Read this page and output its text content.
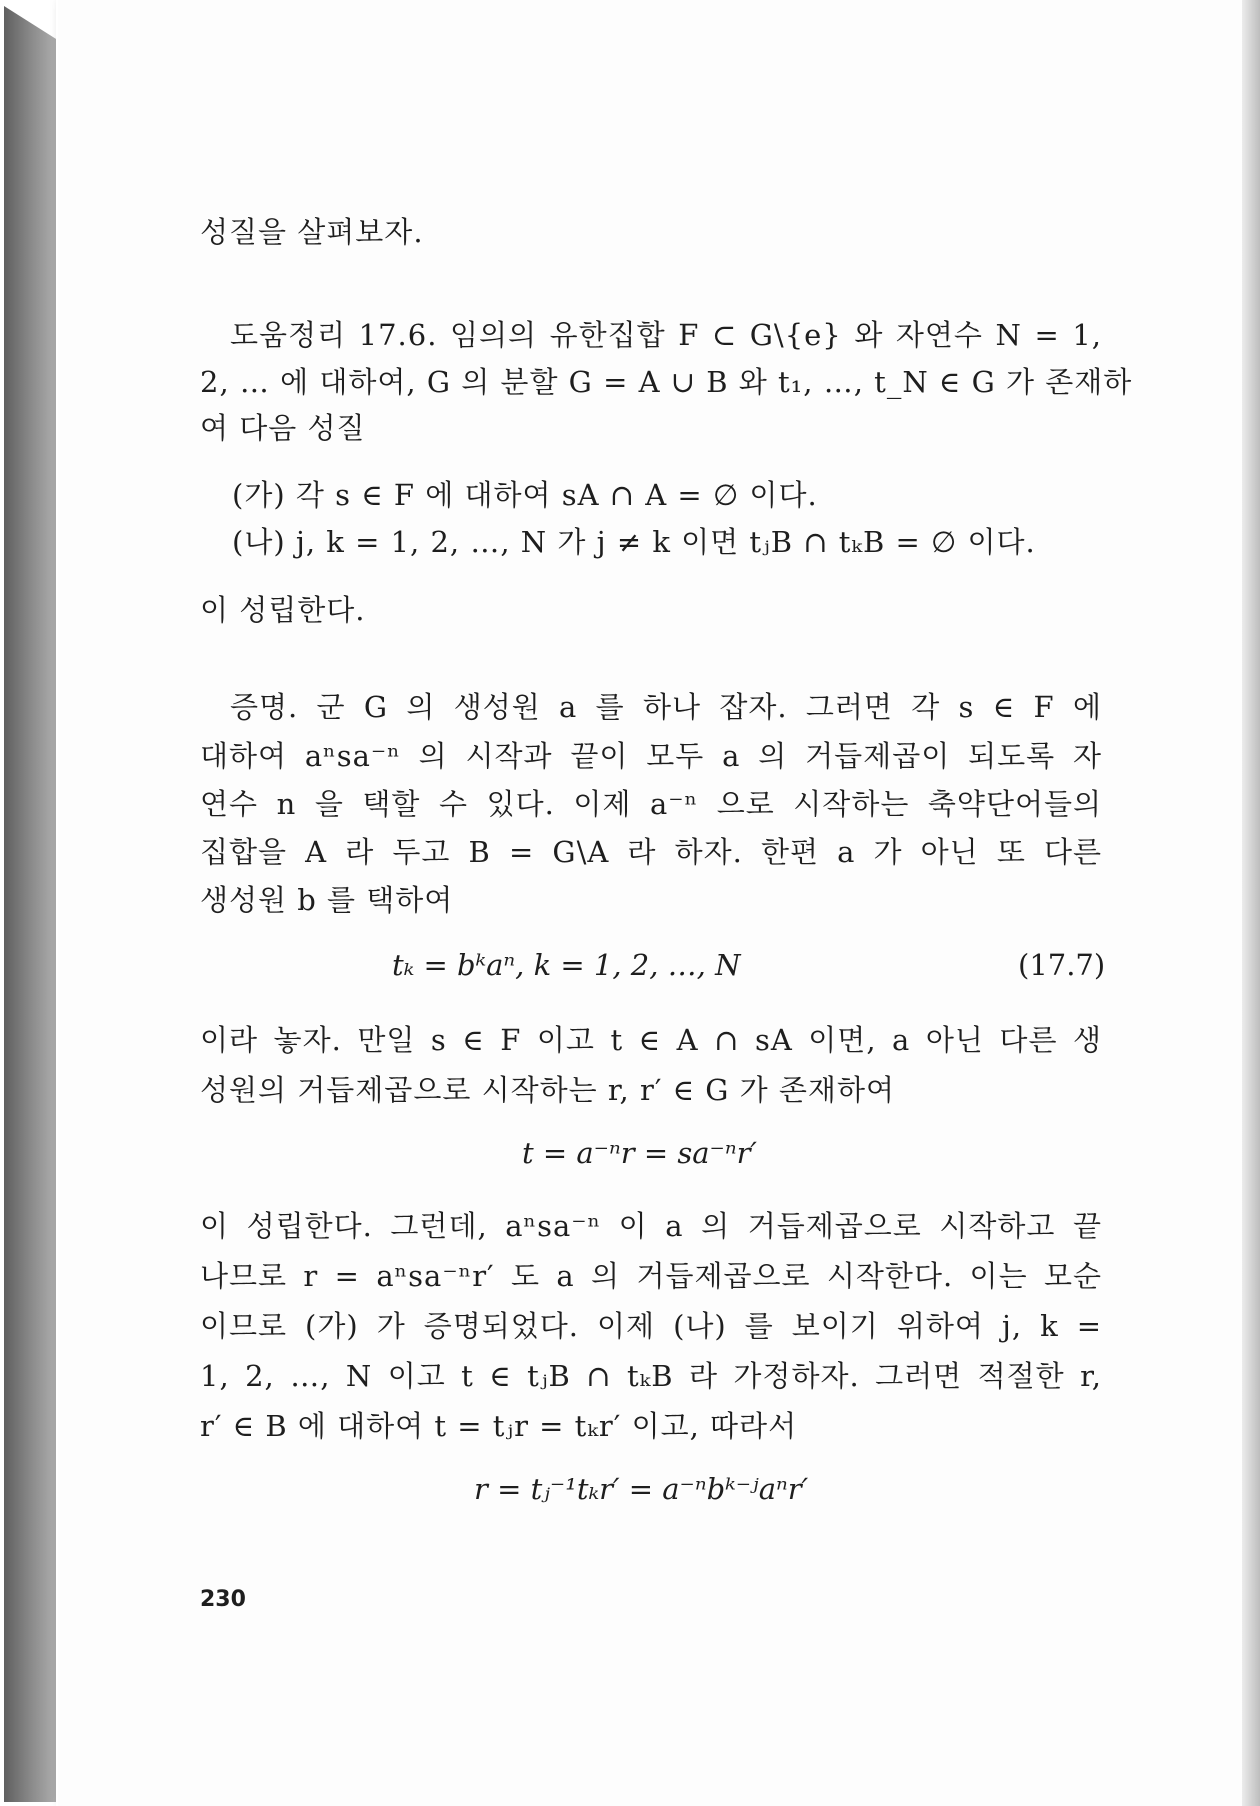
성질을 살펴보자.
도움정리 17.6. 임의의 유한집합 F ⊂ G\{e} 와 자연수 N = 1,
2, … 에 대하여, G 의 분할 G = A ∪ B 와 t₁, …, t_N ∈ G 가 존재하
여 다음 성질
(가) 각 s ∈ F 에 대하여 sA ∩ A = ∅ 이다.
(나) j, k = 1, 2, …, N 가 j ≠ k 이면 tⱼB ∩ tₖB = ∅ 이다.
이 성립한다.
증명. 군 G 의 생성원 a 를 하나 잡자. 그러면 각 s ∈ F 에
대하여 aⁿsa⁻ⁿ 의 시작과 끝이 모두 a 의 거듭제곱이 되도록 자
연수 n 을 택할 수 있다. 이제 a⁻ⁿ 으로 시작하는 축약단어들의
집합을 A 라 두고 B = G\A 라 하자. 한편 a 가 아닌 또 다른
생성원 b 를 택하여
tₖ = bᵏaⁿ, k = 1, 2, …, N	(17.7)
이라 놓자. 만일 s ∈ F 이고 t ∈ A ∩ sA 이면, a 아닌 다른 생
성원의 거듭제곱으로 시작하는 r, r′ ∈ G 가 존재하여
t = a⁻ⁿr = sa⁻ⁿr′
이 성립한다. 그런데, aⁿsa⁻ⁿ 이 a 의 거듭제곱으로 시작하고 끝
나므로 r = aⁿsa⁻ⁿr′ 도 a 의 거듭제곱으로 시작한다. 이는 모순
이므로 (가) 가 증명되었다. 이제 (나) 를 보이기 위하여 j, k =
1, 2, …, N 이고 t ∈ tⱼB ∩ tₖB 라 가정하자. 그러면 적절한 r,
r′ ∈ B 에 대하여 t = tⱼr = tₖr′ 이고, 따라서
r = tⱼ⁻¹tₖr′ = a⁻ⁿbᵏ⁻ʲaⁿr′
230
